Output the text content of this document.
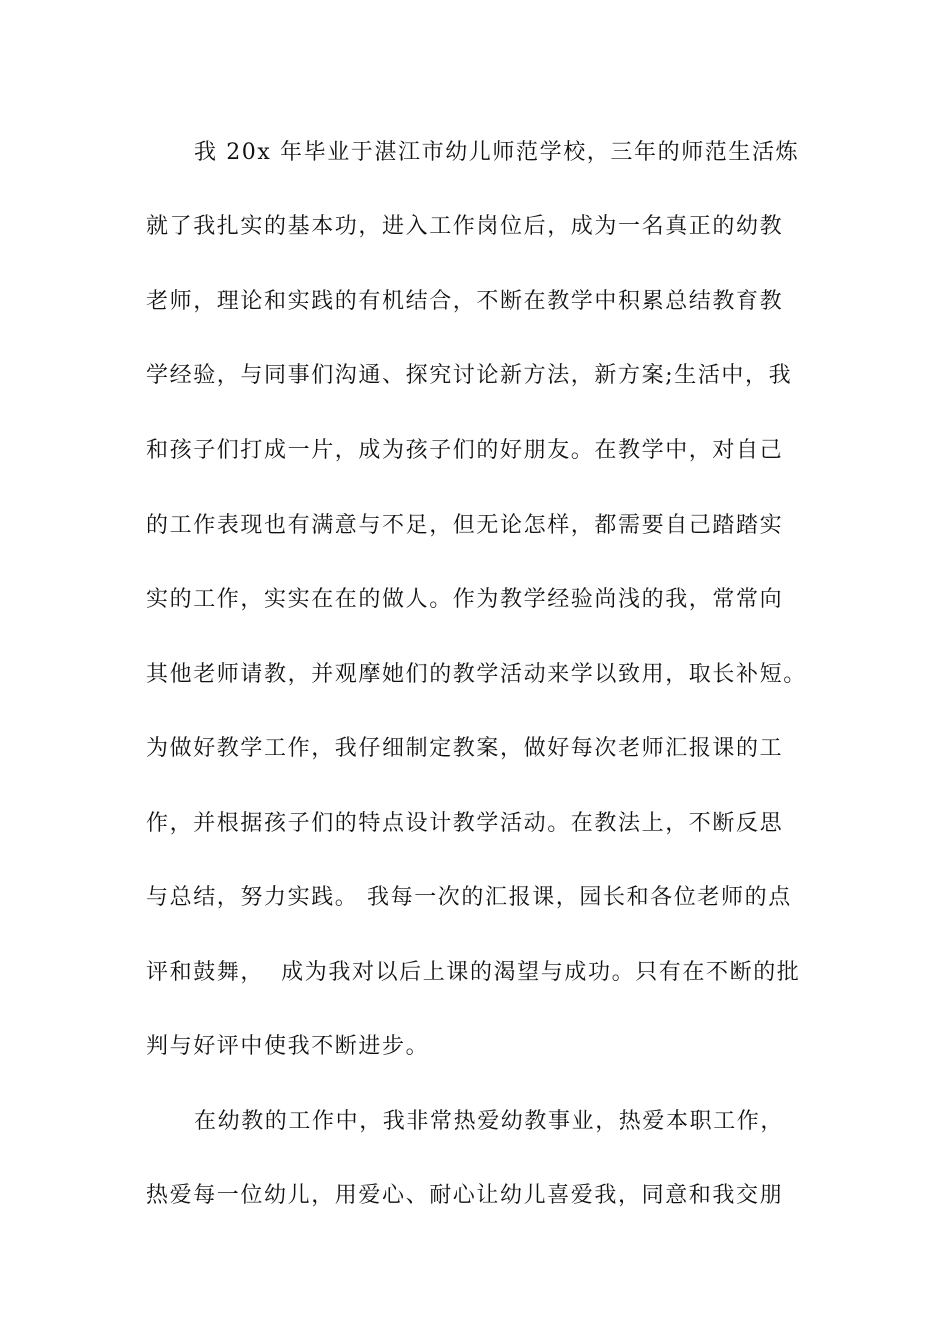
我 20x 年毕业于湛江市幼儿师范学校，三年的师范生活炼
就了我扎实的基本功，进入工作岗位后，成为一名真正的幼教
老师，理论和实践的有机结合，不断在教学中积累总结教育教
学经验，与同事们沟通、探究讨论新方法，新方案;生活中，我
和孩子们打成一片，成为孩子们的好朋友。在教学中，对自己
的工作表现也有满意与不足，但无论怎样，都需要自己踏踏实
实的工作，实实在在的做人。作为教学经验尚浅的我，常常向
其他老师请教，并观摩她们的教学活动来学以致用，取长补短。
为做好教学工作，我仔细制定教案，做好每次老师汇报课的工
作，并根据孩子们的特点设计教学活动。在教法上，不断反思
与总结，努力实践。 我每一次的汇报课，园长和各位老师的点
评和鼓舞，  成为我对以后上课的渴望与成功。只有在不断的批
判与好评中使我不断进步。
在幼教的工作中，我非常热爱幼教事业，热爱本职工作，
热爱每一位幼儿，用爱心、耐心让幼儿喜爱我，同意和我交朋
